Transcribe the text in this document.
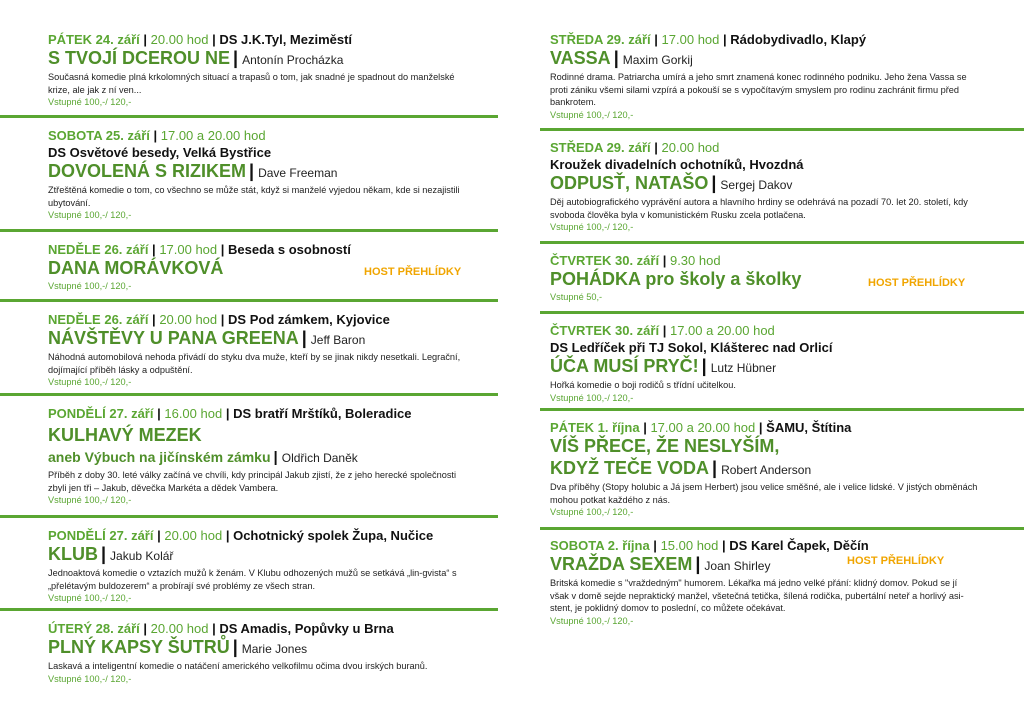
PÁTEK 24. září | 20.00 hod | DS J.K.Tyl, Meziměstí
S TVOJÍ DCEROU NE | Antonín Procházka
Současná komedie plná krkolomných situací a trapasů o tom, jak snadné je spadnout do manželské krize, ale jak z ní ven...
Vstupné 100,-/ 120,-
SOBOTA 25. září | 17.00 a 20.00 hod
DS Osvětové besedy, Velká Bystřice
DOVOLENÁ S RIZIKEM | Dave Freeman
Ztřeštěná komedie o tom, co všechno se může stát, když si manželé vyjedou někam, kde si nezajistili ubytování.
Vstupné 100,-/ 120,-
NEDĚLE 26. září | 17.00 hod | Beseda s osobností
DANA MORÁVKOVÁ	HOST PŘEHLÍDKY
Vstupné 100,-/ 120,-
NEDĚLE 26. září | 20.00 hod | DS Pod zámkem, Kyjovice
NÁVŠTĚVY U PANA GREENA | Jeff Baron
Náhodná automobilová nehoda přivádí do styku dva muže, kteří by se jinak nikdy nesetkali. Legrační, dojímající příběh lásky a odpuštění.
Vstupné 100,-/ 120,-
PONDĚLÍ 27. září | 16.00 hod | DS bratří Mrštíků, Boleradice
KULHAVÝ MEZEK
aneb Výbuch na jičínském zámku | Oldřich Daněk
Příběh z doby 30. leté války začíná ve chvíli, kdy principál Jakub zjistí, že z jeho herecké společnosti zbyli jen tři – Jakub, děvečka Markéta a dědek Vambera.
Vstupné 100,-/ 120,-
PONDĚLÍ 27. září | 20.00 hod | Ochotnický spolek Župa, Nučice
KLUB | Jakub Kolář
Jednoaktová komedie o vztazích mužů k ženám. V Klubu odhozených mužů se setkává „lin-gvista“ s „přelétavým buldozerem“ a probírají své problémy ze všech stran.
Vstupné 100,-/ 120,-
ÚTERÝ 28. září | 20.00 hod | DS Amadis, Popůvky u Brna
PLNÝ KAPSY ŠUTRŮ | Marie Jones
Laskavá a inteligentní komedie o natáčení amerického velkofilmu očima dvou irských buranů.
Vstupné 100,-/ 120,-
STŘEDA 29. září | 17.00 hod | Rádobydivadlo, Klapý
VASSA | Maxim Gorkij
Rodinné drama. Patriarcha umírá a jeho smrt znamená konec rodinného podniku. Jeho žena Vassa se proti zániku všemi silami vzpírá a pokouší se s vypočítavým smyslem pro rodinu zachránit firmu před bankrotem.
Vstupné 100,-/ 120,-
STŘEDA 29. září | 20.00 hod
Kroužek divadelních ochotníků, Hvozdná
ODPUSŤ, NATAŠO | Sergej Dakov
Děj autobiografického vyprávění autora a hlavního hrdiny se odehrává na pozadí 70. let 20. století, kdy svoboda člověka byla v komunistickém Rusku zcela potlačena.
Vstupné 100,-/ 120,-
ČTVRTEK 30. září | 9.30 hod
POHÁDKA pro školy a školky	HOST PŘEHLÍDKY
Vstupné 50,-
ČTVRTEK 30. září | 17.00 a 20.00 hod
DS Ledříček při TJ Sokol, Klášterec nad Orlicí
ÚČA MUSÍ PRYČ! | Lutz Hübner
Hořká komedie o boji rodičů s třídní učitelkou.
Vstupné 100,-/ 120,-
PÁTEK 1. října | 17.00 a 20.00 hod | ŠAMU, Štítina
VÍŠ PŘECE, ŽE NESLYŠÍM,
KDYŽ TEČE VODA | Robert Anderson
Dva příběhy (Stopy holubic a Já jsem Herbert) jsou velice směšné, ale i velice lidské. V jistých obměnách mohou potkat každého z nás.
Vstupné 100,-/ 120,-
SOBOTA 2. října | 15.00 hod | DS Karel Čapek, Děčín
VRAŽDA SEXEM | Joan Shirley	HOST PŘEHLÍDKY
Britská komedie s "vraždedným" humorem. Lékařka má jedno velké přání: klidný domov. Pokud se jí však v domě sejde nepraktický manžel, všetečná tetička, šílená rodička, pubertální neteř a horlivý asi-stent, je poklidný domov to poslední, co můžete očekávat.
Vstupné 100,-/ 120,-
